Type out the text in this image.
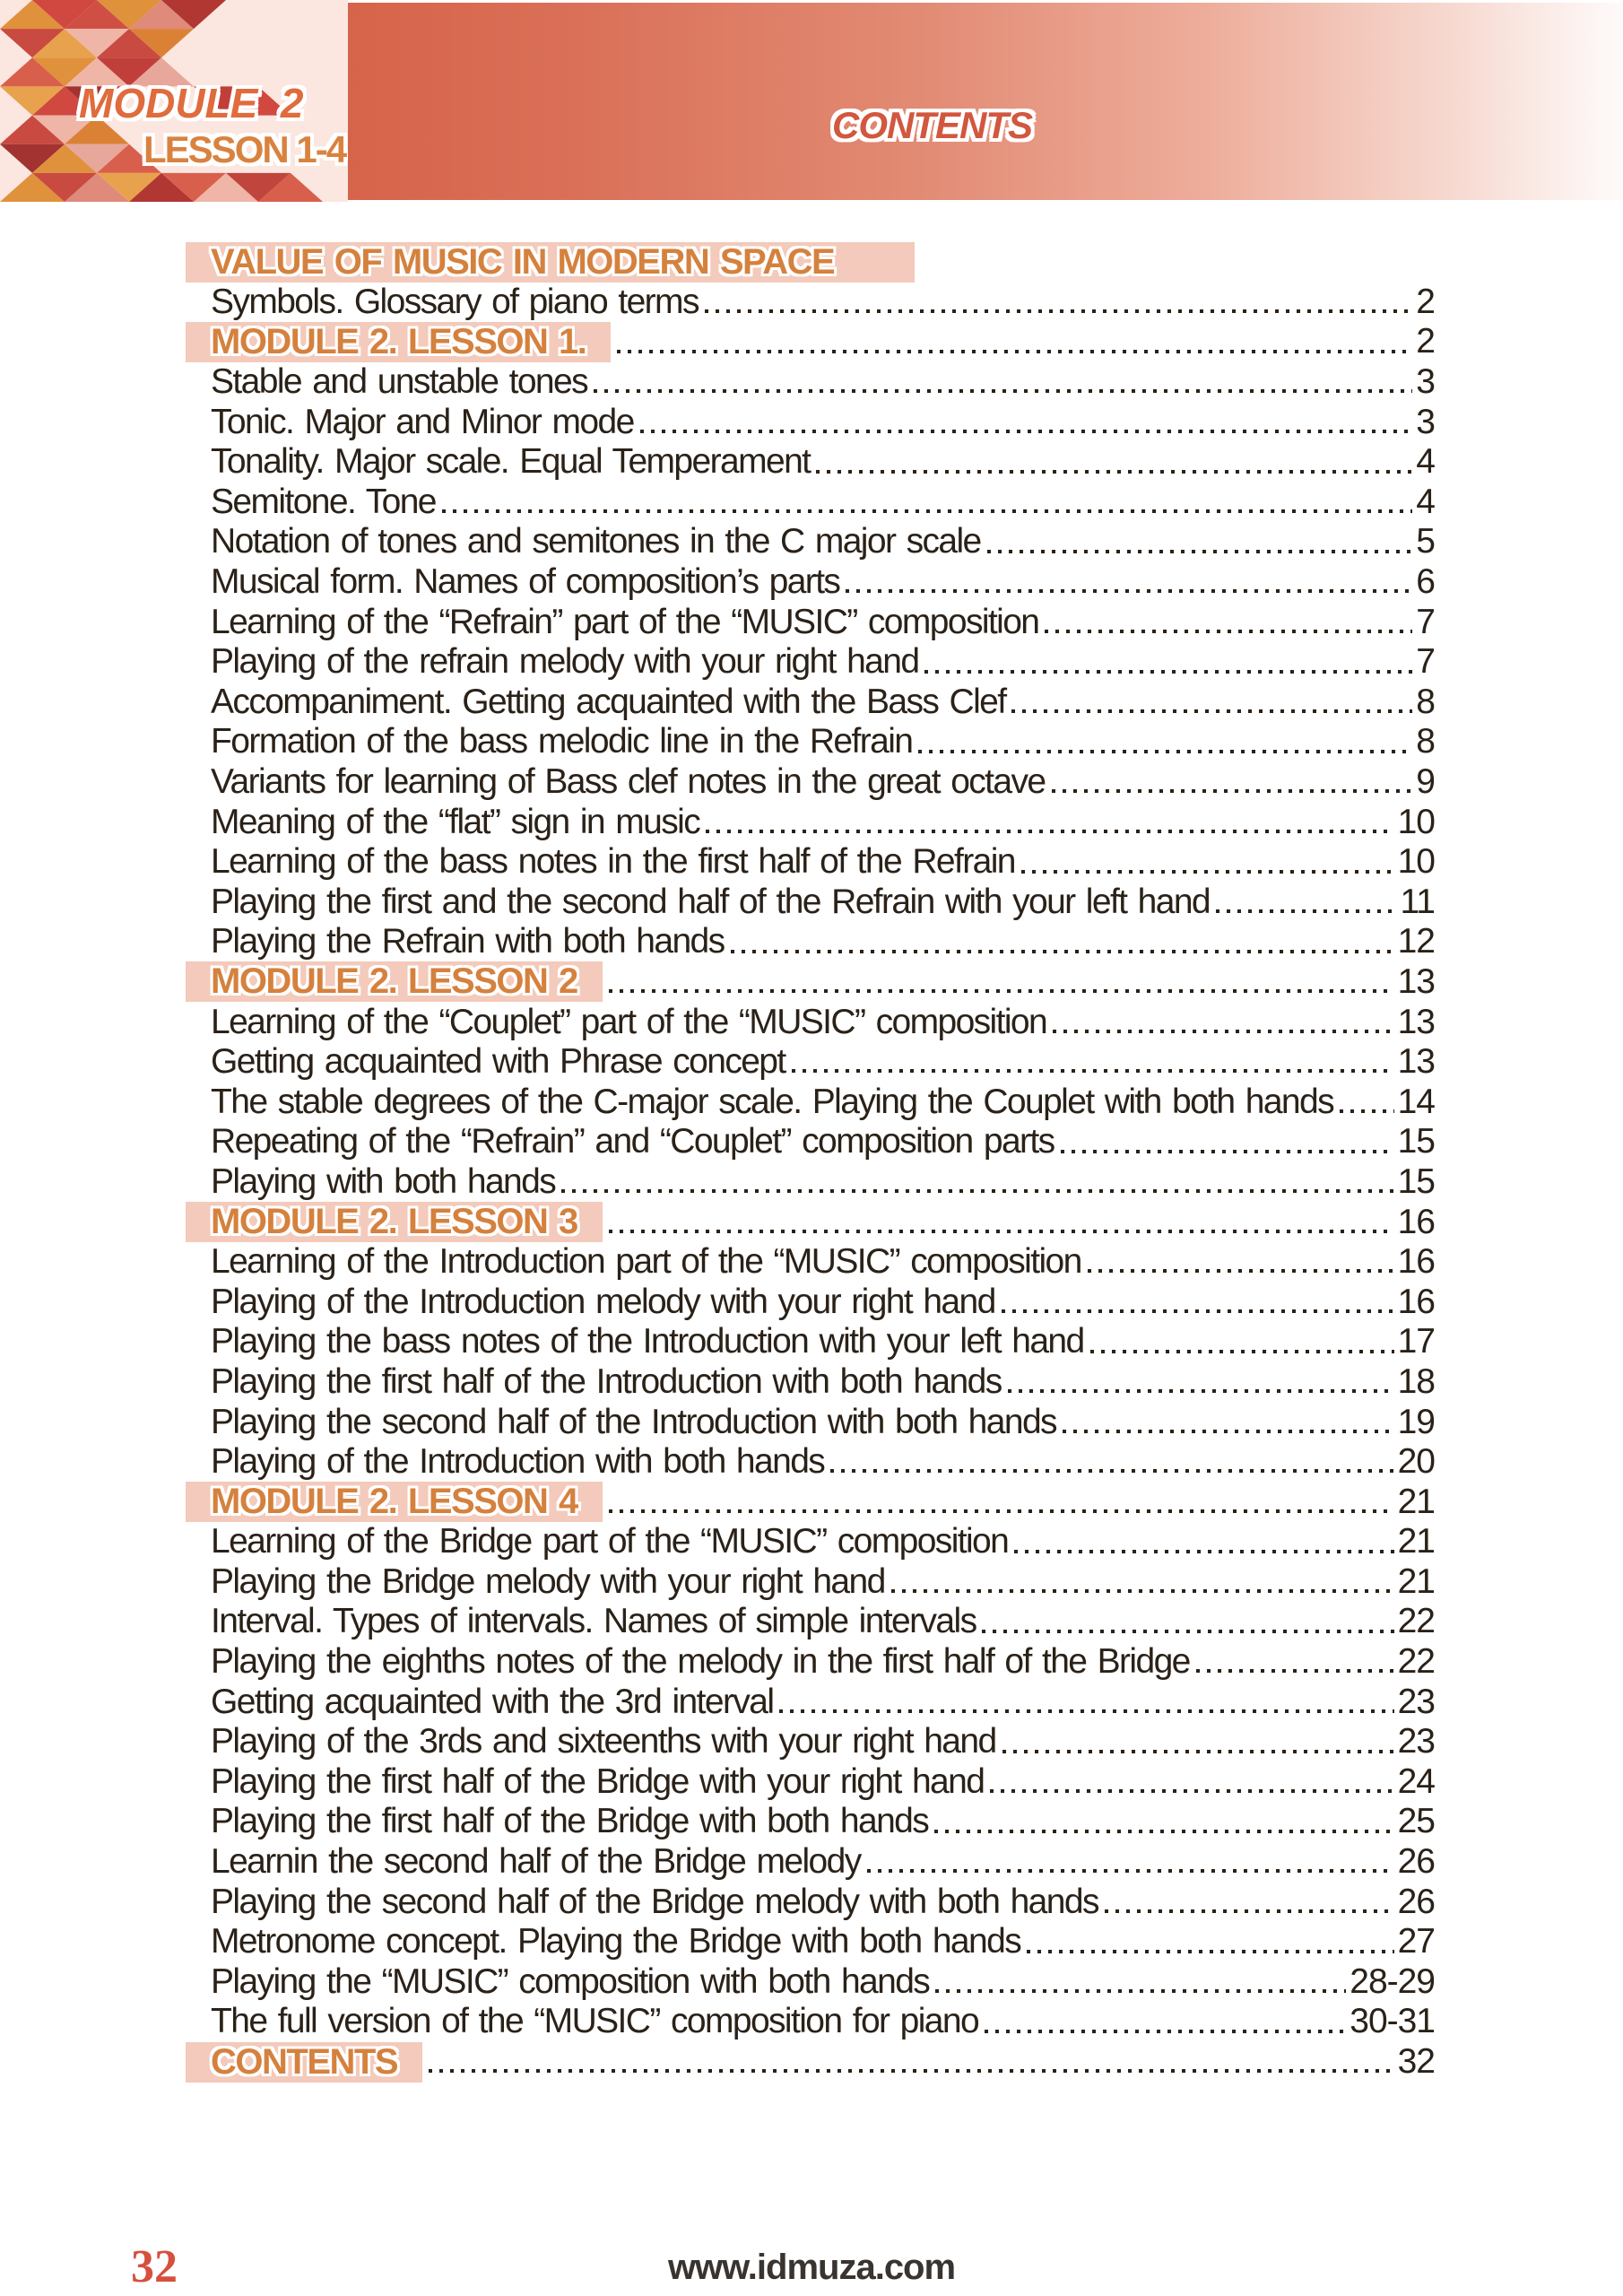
MODULE  2
LESSON 1-4
CONTENTS
VALUE OF MUSIC IN MODERN SPACE
Symbols. Glossary of piano terms	2
MODULE 2. LESSON 1.	2
Stable and unstable tones	3
Tonic. Major and Minor mode	3
Tonality. Major scale. Equal Temperament	4
Semitone. Tone	4
Notation of tones and semitones in the C major scale	5
Musical form. Names of composition’s parts	6
Learning of the “Refrain” part of the “MUSIC” composition	7
Playing of the refrain melody with your right hand	7
Accompaniment. Getting acquainted with the Bass Clef	8
Formation of the bass melodic line in the Refrain	8
Variants for learning of Bass clef notes in the great octave	9
Meaning of the “flat” sign in music	10
Learning of the bass notes in the first half of the Refrain	10
Playing the first and the second half of the Refrain with your left hand	11
Playing the Refrain with both hands	12
MODULE 2. LESSON 2	13
Learning of the “Couplet” part of the “MUSIC” composition	13
Getting acquainted with Phrase concept	13
The stable degrees of the C-major scale. Playing the Couplet with both hands 14
Repeating of the “Refrain” and “Couplet” composition parts	15
Playing with both hands	15
MODULE 2. LESSON 3	16
Learning of the Introduction part of the “MUSIC” composition	16
Playing of the Introduction melody with your right hand	16
Playing the bass notes of the Introduction with your left hand	17
Playing the first half of the Introduction with both hands	18
Playing the second half of the Introduction with both hands	19
Playing of the Introduction with both hands	20
MODULE 2. LESSON 4	21
Learning of the Bridge part of the “MUSIC” composition	21
Playing the Bridge melody with your right hand	21
Interval. Types of intervals. Names of simple intervals	22
Playing the eighths notes of the melody in the first half of the Bridge	22
Getting acquainted with the 3rd interval	23
Playing of the 3rds and sixteenths with your right hand	23
Playing the first half of the Bridge with your right hand	24
Playing the first half of the Bridge with both hands	25
Learnin the second half of the Bridge melody	26
Playing the second half of the Bridge melody with both hands	26
Metronome concept. Playing the Bridge with both hands	27
Playing the “MUSIC” composition with both hands	28-29
The full version of the “MUSIC” composition for piano	30-31
CONTENTS	32
32	www.idmuza.com
